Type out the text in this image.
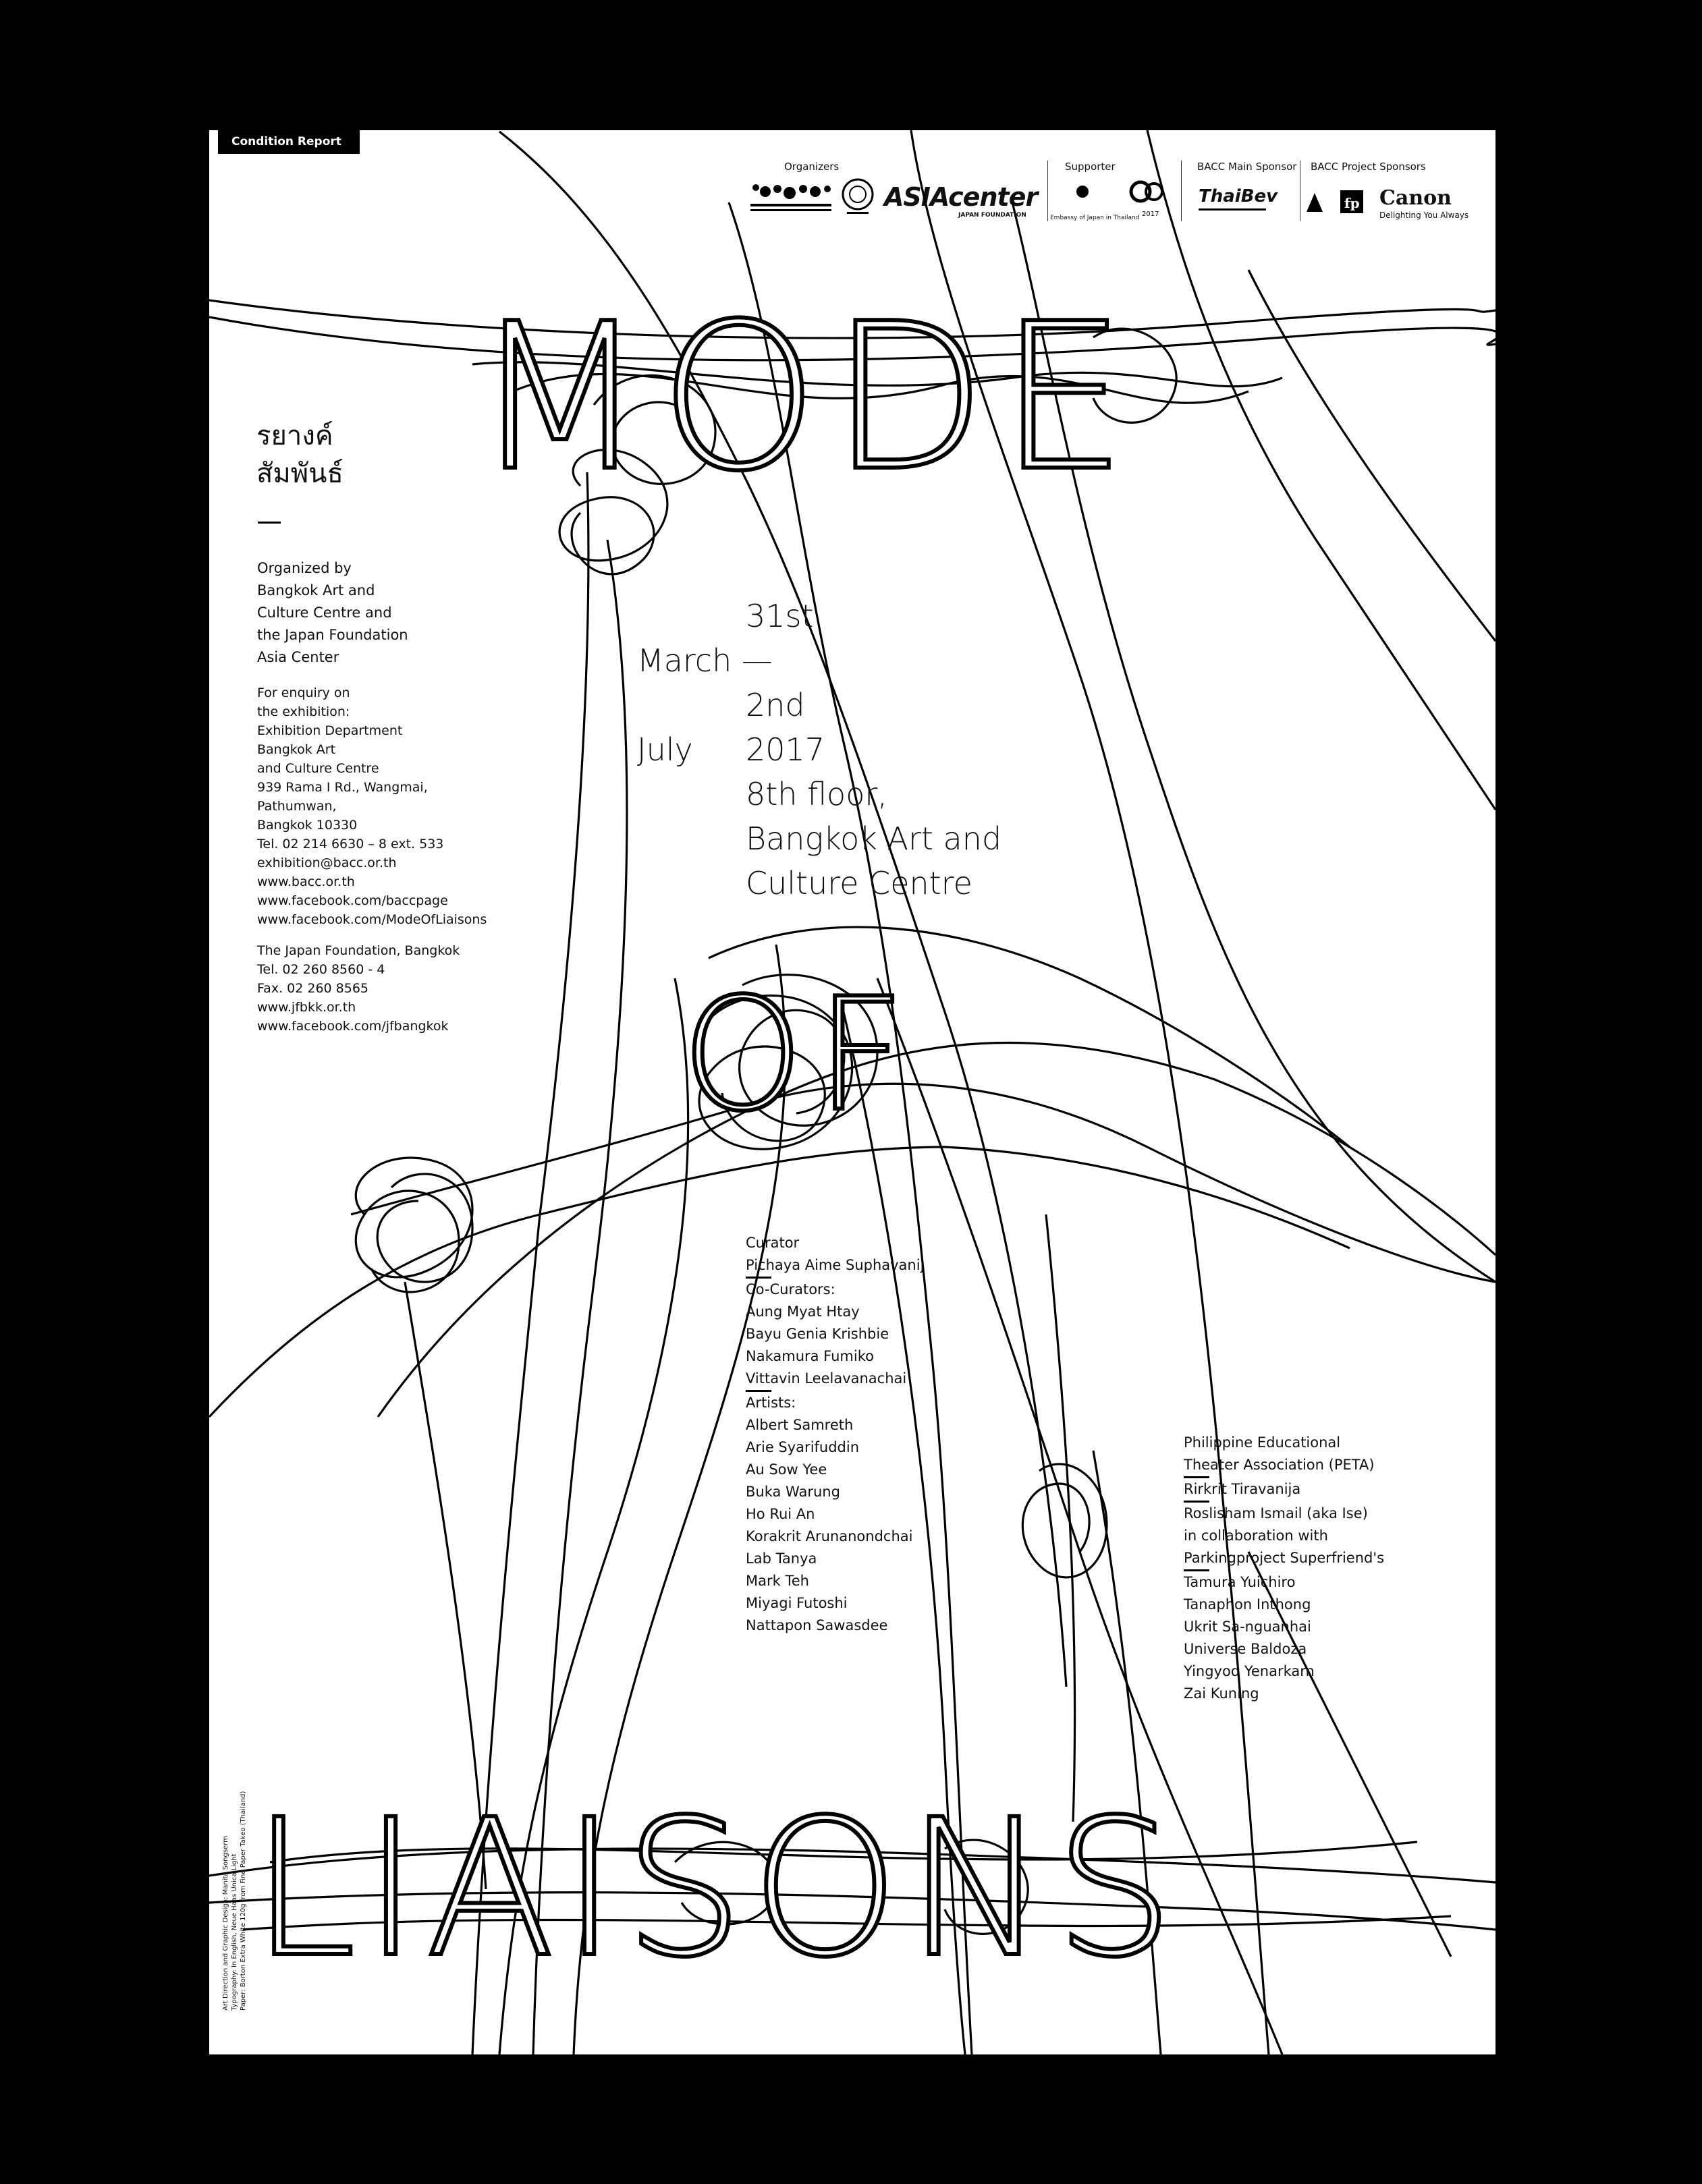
Condition Report
Organizers	Supporter	BACC Main Sponsor BACC Project Sponsors
ASIAcenter
JAPAN FOUNDATION	Embassy of Japan in Thailand 2017
ThaiBev	fp Canon
Delighting You Always
MODE
OF
LIAISONS
รยางค์
สัมพันธ์
Organized by
Bangkok Art and
Culture Centre and
the Japan Foundation
Asia Center
For enquiry on
the exhibition:
Exhibition Department
Bangkok Art
and Culture Centre
939 Rama I Rd., Wangmai,
Pathumwan,
Bangkok 10330
Tel. 02 214 6630 – 8 ext. 533
exhibition@bacc.or.th
www.bacc.or.th
www.facebook.com/baccpage
www.facebook.com/ModeOfLiaisons
The Japan Foundation, Bangkok
Tel. 02 260 8560 - 4
Fax. 02 260 8565
www.jfbkk.or.th
www.facebook.com/jfbangkok
31st
March —
2nd
July 2017
8th floor,
Bangkok Art and
Culture Centre
Curator
Pichaya Aime Suphavanij
Co-Curators:
Aung Myat Htay
Bayu Genia Krishbie
Nakamura Fumiko
Vittavin Leelavanachai
Artists:
Albert Samreth
Arie Syarifuddin
Au Sow Yee
Buka Warung
Ho Rui An
Korakrit Arunanondchai
Lab Tanya
Mark Teh
Miyagi Futoshi
Nattapon Sawasdee
Philippine Educational
Theater Association (PETA)
Rirkrit Tiravanija
Roslisham Ismail (aka Ise)
in collaboration with
Parkingproject Superfriend's
Tamura Yuichiro
Tanaphon Inthong
Ukrit Sa-nguanhai
Universe Baldoza
Yingyod Yenarkarn
Zai Kuning
Art Direction and Graphic Design: Manita Songserm Typography: In English, Neue Haas Unica Light Paper: Borton Extra White 120g from Fine Paper Takeo (Thailand)
